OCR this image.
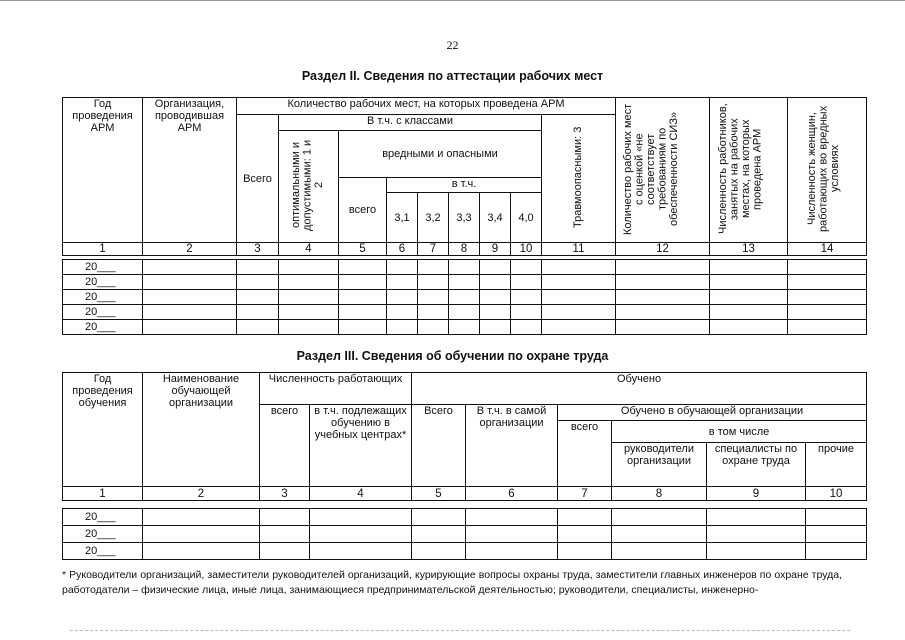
22
Раздел II. Сведения по аттестации рабочих мест
Год проведения АРМ	Организация, проводившая АРМ	Количество рабочих мест, на которых проведена АРМ									Количество рабочих мест с оценкой «не соответствует требованиям по обеспеченности СИЗ»	Численность работников, занятых на рабочих местах, на которых проведена АРМ	Численность женщин, работающих во вредных условиях
		Всего	В т.ч. с классами							Травмоопасными: 3			
			оптимальными и допустимыми: 1 и 2	вредными и опасными									
				всего	в т.ч.								
					3,1	3,2	3,3	3,4	4,0				
1	2	3	4	5	6	7	8	9	10	11	12	13	14
20___													
20___													
20___													
20___													
20___													
Раздел III. Сведения об обучении по охране труда
Год проведения обучения	Наименование обучающей организации	Численность работающих		Обучено					
		всего	в т.ч. подлежащих обучению в учебных центрах*	Всего	В т.ч. в самой организации	Обучено в обучающей организации			
						всего	в том числе		
							руководители организации	специалисты по охране труда	прочие
1	2	3	4	5	6	7	8	9	10
20___									
20___									
20___									
* Руководители организаций, заместители руководителей организаций, курирующие вопросы охраны труда, заместители главных инженеров по охране труда, работодатели – физические лица, иные лица, занимающиеся предпринимательской деятельностью; руководители, специалисты, инженерно-
